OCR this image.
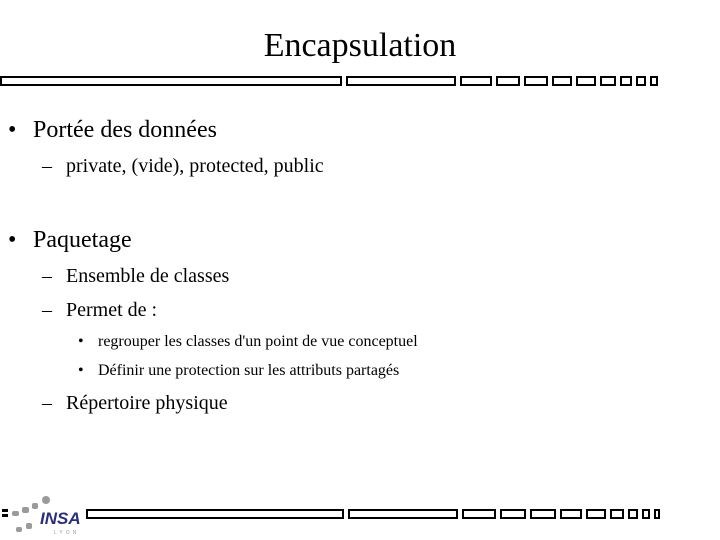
Encapsulation
• Portée des données
– private, (vide), protected, public
• Paquetage
– Ensemble de classes
– Permet de :
• regrouper les classes d'un point de vue conceptuel
• Définir une protection sur les attributs partagés
– Répertoire physique
INSA
LYON
